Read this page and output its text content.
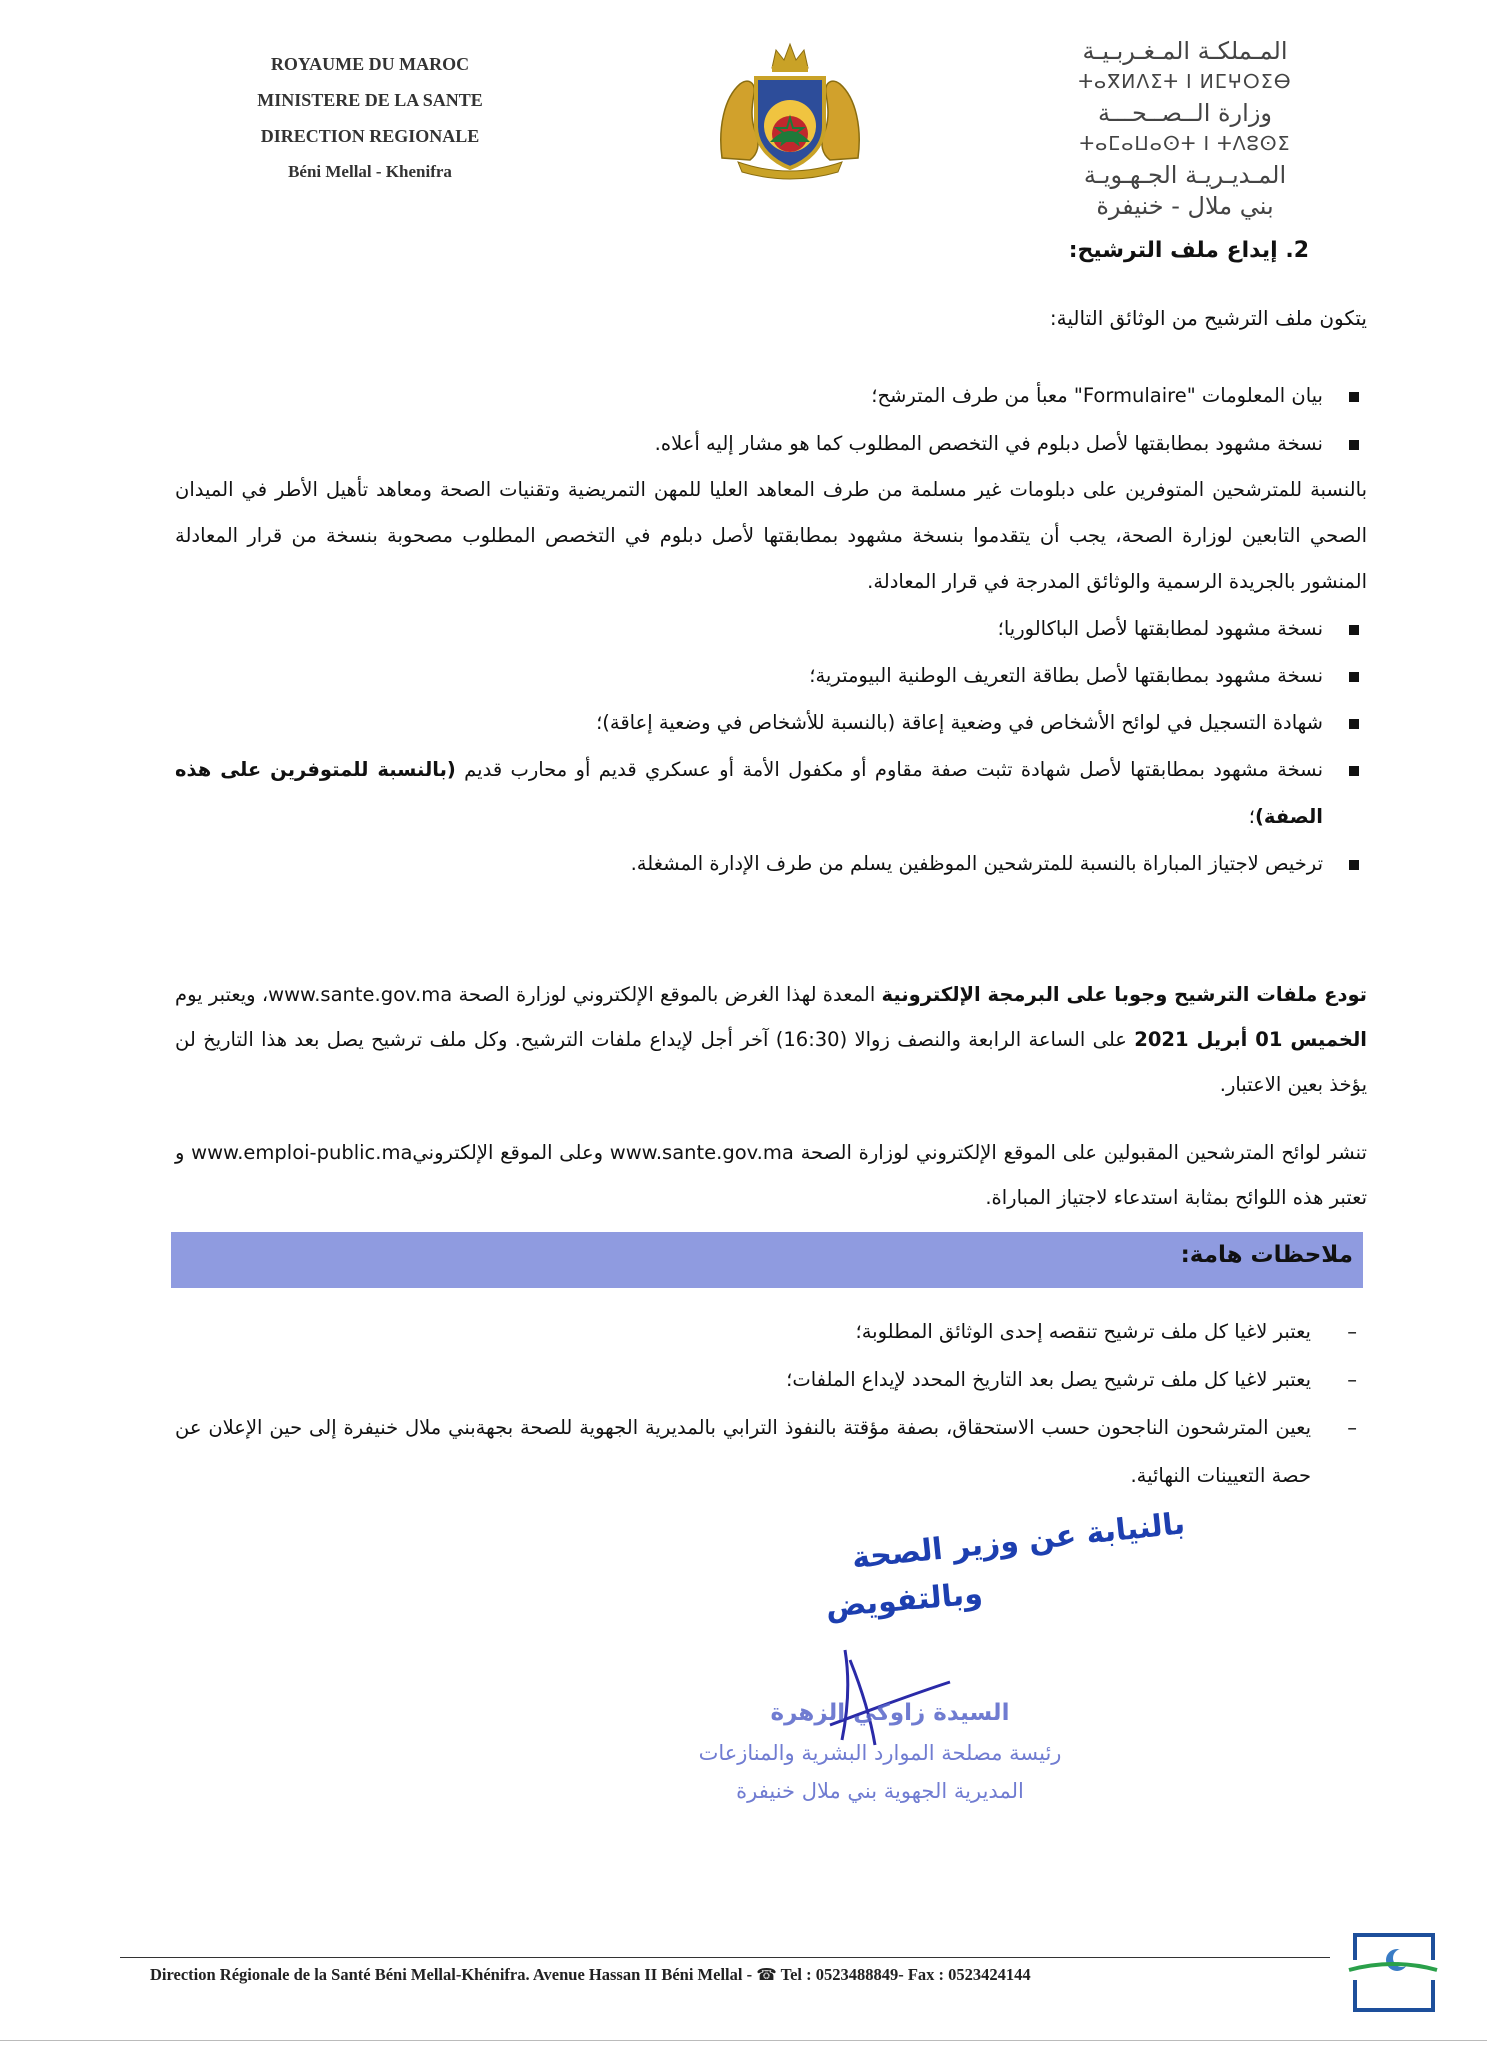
ROYAUME DU MAROC
MINISTERE DE LA SANTE
DIRECTION REGIONALE
Béni Mellal - Khenifra
المـملكـة المـغـربـيـة
ⵜⴰⴳⵍⴷⵉⵜ ⵏ ⵍⵎⵖⵔⵉⴱ
وزارة الــصــحـــة
ⵜⴰⵎⴰⵡⴰⵙⵜ ⵏ ⵜⴷⵓⵙⵉ
المـديـريـة الجـهـويـة
بني ملال - خنيفرة
2. إيداع ملف الترشيح:
يتكون ملف الترشيح من الوثائق التالية:
بيان المعلومات "Formulaire" معبأ من طرف المترشح؛
نسخة مشهود بمطابقتها لأصل دبلوم في التخصص المطلوب كما هو مشار إليه أعلاه.
بالنسبة للمترشحين المتوفرين على دبلومات غير مسلمة من طرف المعاهد العليا للمهن التمريضية وتقنيات الصحة ومعاهد تأهيل الأطر في الميدان الصحي التابعين لوزارة الصحة، يجب أن يتقدموا بنسخة مشهود بمطابقتها لأصل دبلوم في التخصص المطلوب مصحوبة بنسخة من قرار المعادلة المنشور بالجريدة الرسمية والوثائق المدرجة في قرار المعادلة.
نسخة مشهود لمطابقتها لأصل الباكالوريا؛
نسخة مشهود بمطابقتها لأصل بطاقة التعريف الوطنية البيومترية؛
شهادة التسجيل في لوائح الأشخاص في وضعية إعاقة (بالنسبة للأشخاص في وضعية إعاقة)؛
نسخة مشهود بمطابقتها لأصل شهادة تثبت صفة مقاوم أو مكفول الأمة أو عسكري قديم أو محارب قديم (بالنسبة للمتوفرين على هذه الصفة)؛
ترخيص لاجتياز المباراة بالنسبة للمترشحين الموظفين يسلم من طرف الإدارة المشغلة.
تودع ملفات الترشيح وجوبا على البرمجة الإلكترونية المعدة لهذا الغرض بالموقع الإلكتروني لوزارة الصحة www.sante.gov.ma، ويعتبر يوم الخميس 01 أبريل 2021 على الساعة الرابعة والنصف زوالا (16:30) آخر أجل لإيداع ملفات الترشيح. وكل ملف ترشيح يصل بعد هذا التاريخ لن يؤخذ بعين الاعتبار.
تنشر لوائح المترشحين المقبولين على الموقع الإلكتروني لوزارة الصحة www.sante.gov.ma وعلى الموقع الإلكترونيwww.emploi-public.ma و تعتبر هذه اللوائح بمثابة استدعاء لاجتياز المباراة.
ملاحظات هامة:
–
يعتبر لاغيا كل ملف ترشيح تنقصه إحدى الوثائق المطلوبة؛
–
يعتبر لاغيا كل ملف ترشيح يصل بعد التاريخ المحدد لإيداع الملفات؛
–
يعين المترشحون الناجحون حسب الاستحقاق، بصفة مؤقتة بالنفوذ الترابي بالمديرية الجهوية للصحة بجهةبني ملال خنيفرة إلى حين الإعلان عن حصة التعيينات النهائية.
بالنيابة عن وزير الصحة
وبالتفويض
السيدة زاوكي الزهرة
رئيسة مصلحة الموارد البشرية والمنازعات
المديرية الجهوية بني ملال خنيفرة
Direction Régionale de la Santé Béni Mellal-Khénifra. Avenue Hassan II Béni Mellal - ☎ Tel : 0523488849- Fax : 0523424144
